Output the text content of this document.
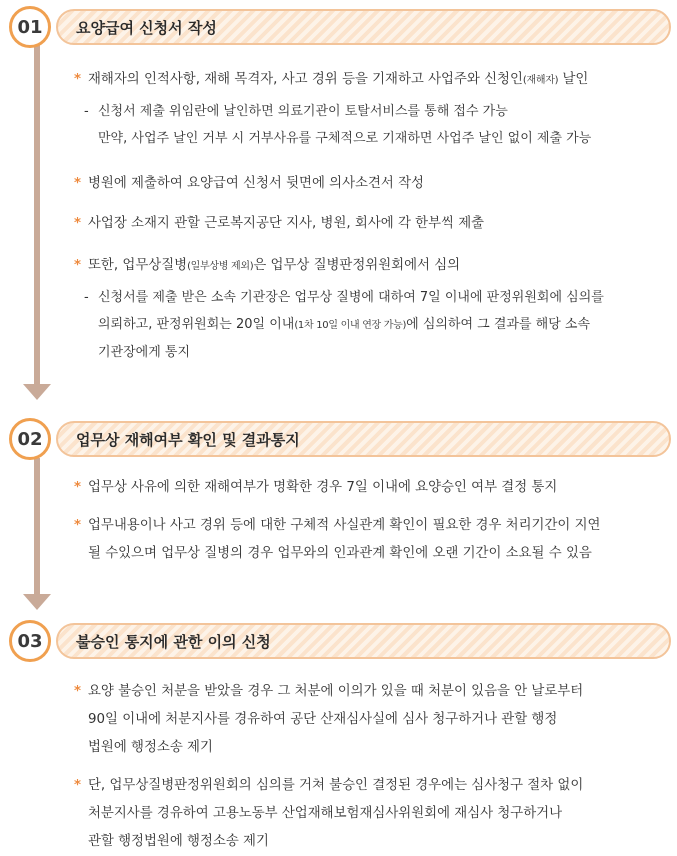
01	요양급여 신청서 작성
* 재해자의 인적사항, 재해 목격자, 사고 경위 등을 기재하고 사업주와 신청인(재해자) 날인
- 신청서 제출 위임란에 날인하면 의료기관이 토탈서비스를 통해 접수 가능
만약, 사업주 날인 거부 시 거부사유를 구체적으로 기재하면 사업주 날인 없이 제출 가능
* 병원에 제출하여 요양급여 신청서 뒷면에 의사소견서 작성
* 사업장 소재지 관할 근로복지공단 지사, 병원, 회사에 각 한부씩 제출
* 또한, 업무상질병(일부상병 제외)은 업무상 질병판정위원회에서 심의
- 신청서를 제출 받은 소속 기관장은 업무상 질병에 대하여 7일 이내에 판정위원회에 심의를
의뢰하고, 판정위원회는 20일 이내(1차 10일 이내 연장 가능)에 심의하여 그 결과를 해당 소속
기관장에게 통지
02	업무상 재해여부 확인 및 결과통지
* 업무상 사유에 의한 재해여부가 명확한 경우 7일 이내에 요양승인 여부 결정 통지
* 업무내용이나 사고 경위 등에 대한 구체적 사실관계 확인이 필요한 경우 처리기간이 지연
될 수있으며 업무상 질병의 경우 업무와의 인과관계 확인에 오랜 기간이 소요될 수 있음
03	불승인 통지에 관한 이의 신청
* 요양 불승인 처분을 받았을 경우 그 처분에 이의가 있을 때 처분이 있음을 안 날로부터
90일 이내에 처분지사를 경유하여 공단 산재심사실에 심사 청구하거나 관할 행정
법원에 행정소송 제기
* 단, 업무상질병판정위원회의 심의를 거쳐 불승인 결정된 경우에는 심사청구 절차 없이
처분지사를 경유하여 고용노동부 산업재해보험재심사위원회에 재심사 청구하거나
관할 행정법원에 행정소송 제기
